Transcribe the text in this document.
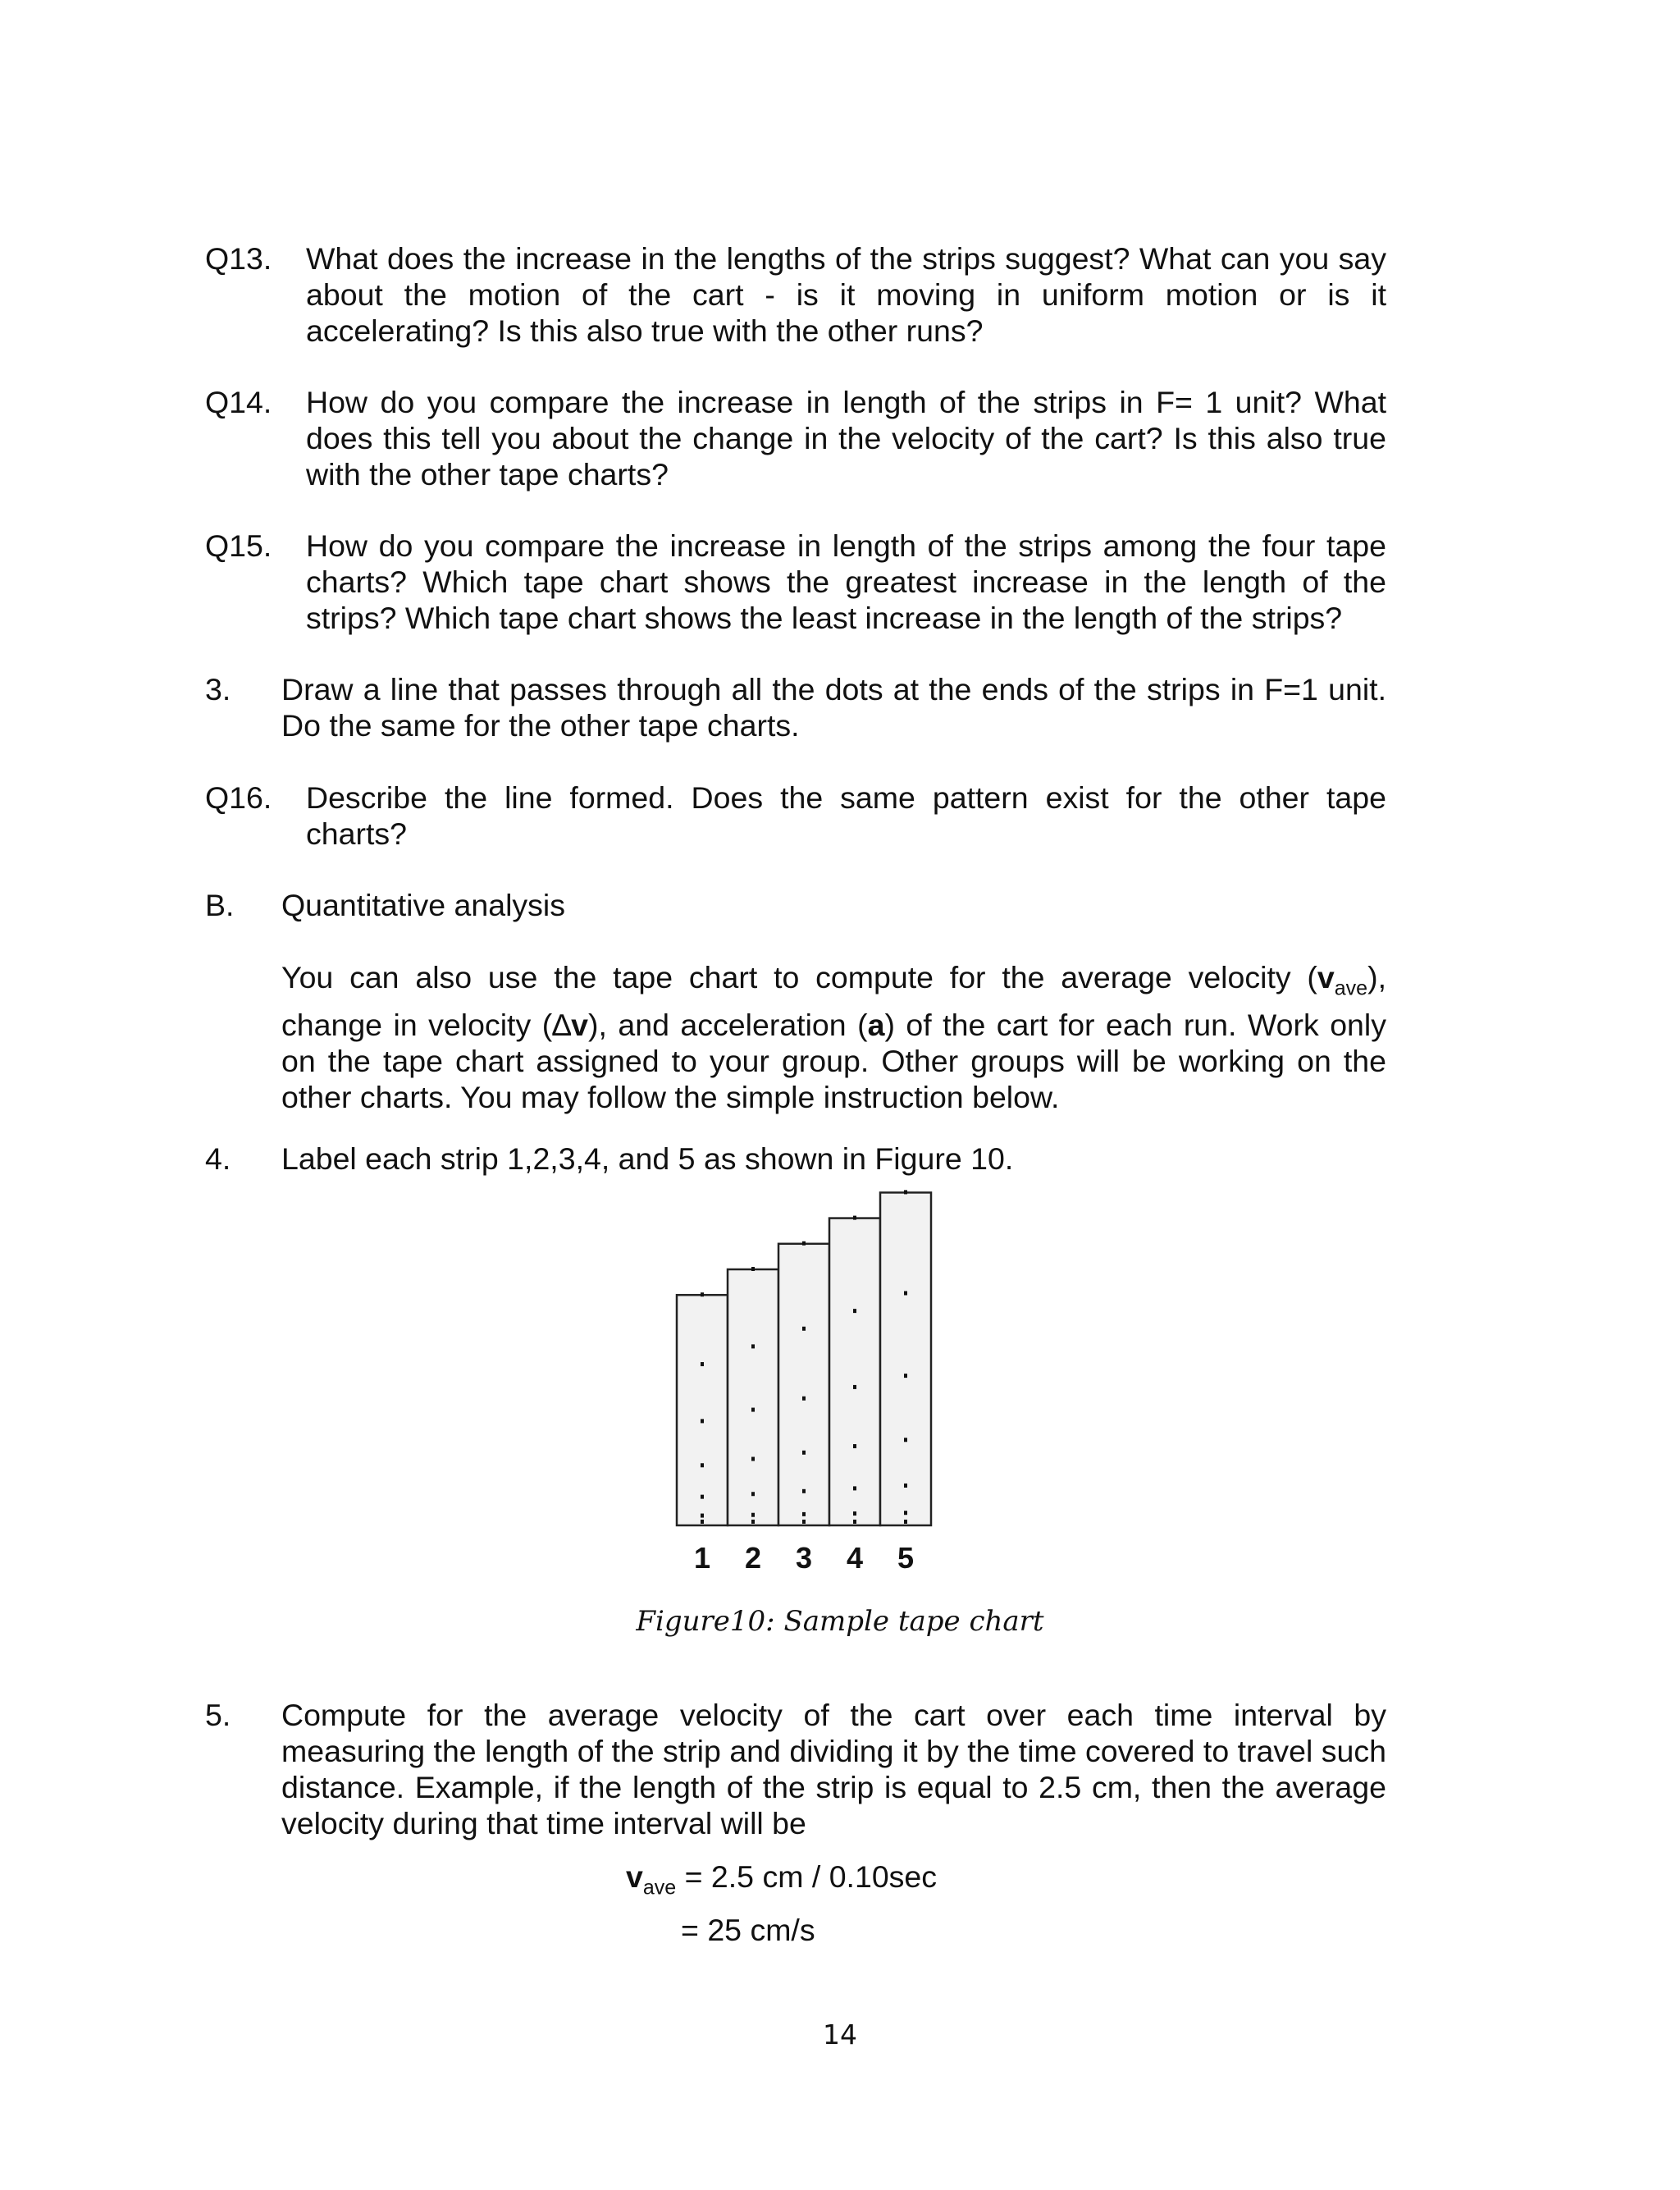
Q13. What does the increase in the lengths of the strips suggest? What can you say about the motion of the cart - is it moving in uniform motion or is it accelerating? Is this also true with the other runs?
Q14. How do you compare the increase in length of the strips in F= 1 unit? What does this tell you about the change in the velocity of the cart? Is this also true with the other tape charts?
Q15. How do you compare the increase in length of the strips among the four tape charts? Which tape chart shows the greatest increase in the length of the strips? Which tape chart shows the least increase in the length of the strips?
3. Draw a line that passes through all the dots at the ends of the strips in F=1 unit. Do the same for the other tape charts.
Q16. Describe the line formed. Does the same pattern exist for the other tape charts?
B. Quantitative analysis
You can also use the tape chart to compute for the average velocity $(v_{ave})$, change in velocity (∆v), and acceleration (a) of the cart for each run. Work only on the tape chart assigned to your group. Other groups will be working on the other charts. You may follow the simple instruction below.
4. Label each strip 1,2,3,4, and 5 as shown in Figure 10.
1 2 3 4 5
Figure10: Sample tape chart
5. Compute for the average velocity of the cart over each time interval by measuring the length of the strip and dividing it by the time covered to travel such distance. Example, if the length of the strip is equal to 2.5 cm, then the average velocity during that time interval will be
$v_{ave} = 2.5$ cm / 0.10sec
= 25 cm/s
14
